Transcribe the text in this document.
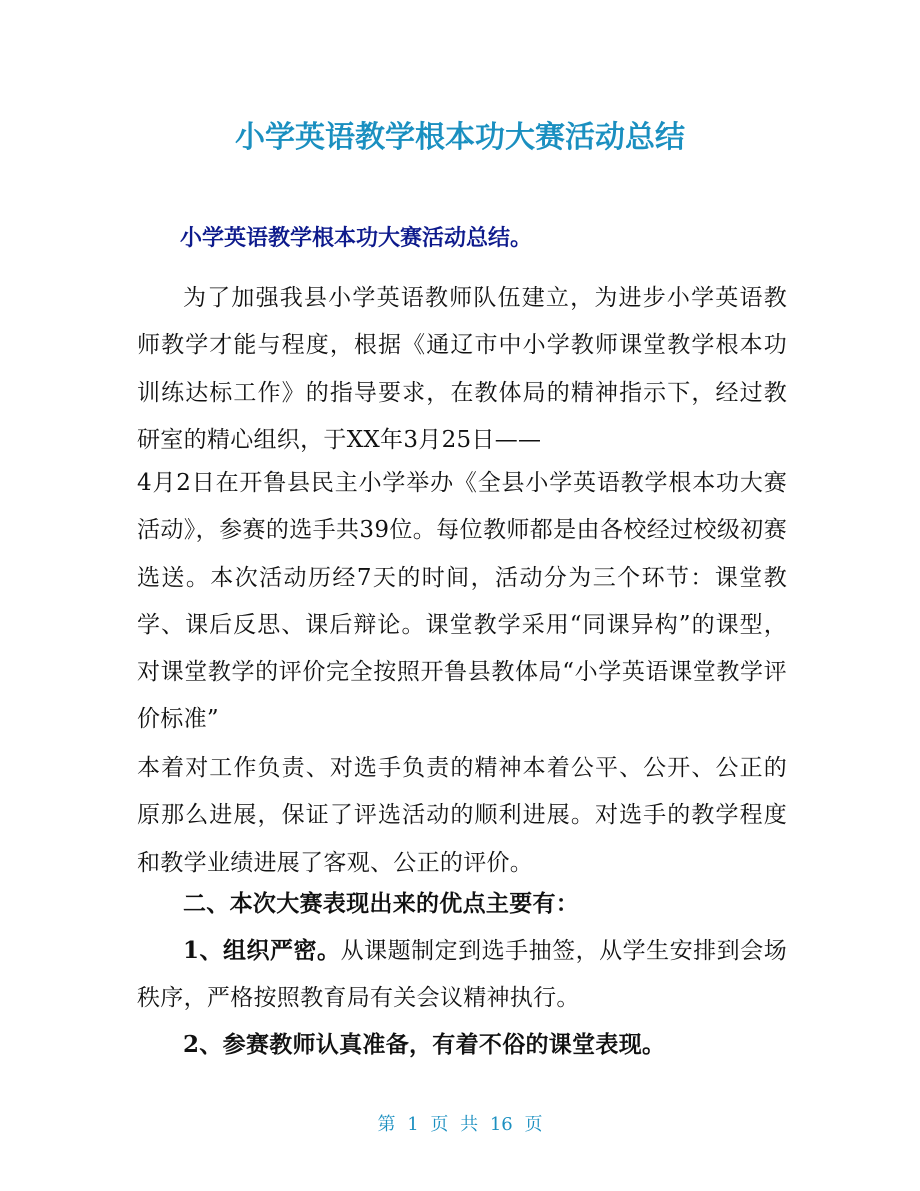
小学英语教学根本功大赛活动总结

小学英语教学根本功大赛活动总结。

为了加强我县小学英语教师队伍建立，为进步小学英语教师教学才能与程度，根据《通辽市中小学教师课堂教学根本功训练达标工作》的指导要求，在教体局的精神指示下，经过教研室的精心组织，于XX年3月25日——

4月2日在开鲁县民主小学举办《全县小学英语教学根本功大赛活动》，参赛的选手共39位。每位教师都是由各校经过校级初赛选送。本次活动历经7天的时间，活动分为三个环节：课堂教学、课后反思、课后辩论。课堂教学采用“同课异构”的课型，对课堂教学的评价完全按照开鲁县教体局“小学英语课堂教学评价标准”

本着对工作负责、对选手负责的精神本着公平、公开、公正的原那么进展，保证了评选活动的顺利进展。对选手的教学程度和教学业绩进展了客观、公正的评价。

二、本次大赛表现出来的优点主要有：

1、组织严密。从课题制定到选手抽签，从学生安排到会场秩序，严格按照教育局有关会议精神执行。

2、参赛教师认真准备，有着不俗的课堂表现。

第 1 页 共 16 页
